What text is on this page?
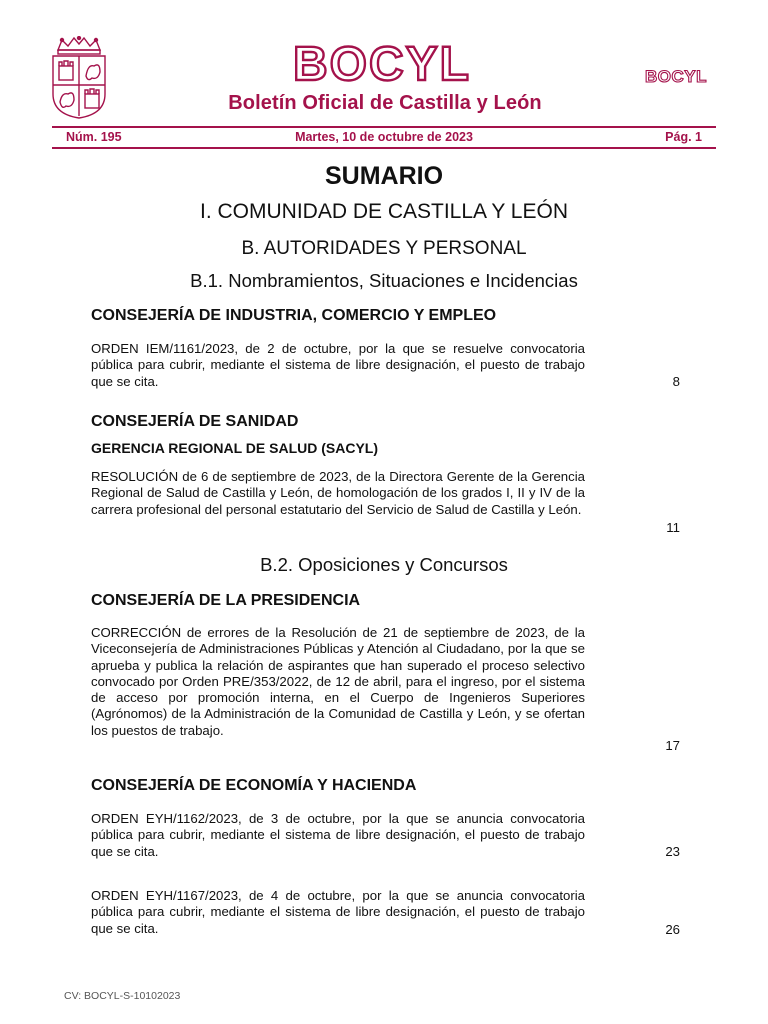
BOCYL	BOCYL
Boletín Oficial de Castilla y León
Núm. 195	Martes, 10 de octubre de 2023	Pág. 1
SUMARIO
I. COMUNIDAD DE CASTILLA Y LEÓN
B. AUTORIDADES Y PERSONAL
B.1. Nombramientos, Situaciones e Incidencias
CONSEJERÍA DE INDUSTRIA, COMERCIO Y EMPLEO
ORDEN IEM/1161/2023, de 2 de octubre, por la que se resuelve convocatoria pública para cubrir, mediante el sistema de libre designación, el puesto de trabajo que se cita.	8
CONSEJERÍA DE SANIDAD
GERENCIA REGIONAL DE SALUD (SACYL)
RESOLUCIÓN de 6 de septiembre de 2023, de la Directora Gerente de la Gerencia Regional de Salud de Castilla y León, de homologación de los grados I, II y IV de la carrera profesional del personal estatutario del Servicio de Salud de Castilla y León.
11
B.2. Oposiciones y Concursos
CONSEJERÍA DE LA PRESIDENCIA
CORRECCIÓN de errores de la Resolución de 21 de septiembre de 2023, de la Viceconsejería de Administraciones Públicas y Atención al Ciudadano, por la que se aprueba y publica la relación de aspirantes que han superado el proceso selectivo convocado por Orden PRE/353/2022, de 12 de abril, para el ingreso, por el sistema de acceso por promoción interna, en el Cuerpo de Ingenieros Superiores (Agrónomos) de la Administración de la Comunidad de Castilla y León, y se ofertan los puestos de trabajo.
17
CONSEJERÍA DE ECONOMÍA Y HACIENDA
ORDEN EYH/1162/2023, de 3 de octubre, por la que se anuncia convocatoria pública para cubrir, mediante el sistema de libre designación, el puesto de trabajo que se cita.	23
ORDEN EYH/1167/2023, de 4 de octubre, por la que se anuncia convocatoria pública para cubrir, mediante el sistema de libre designación, el puesto de trabajo que se cita.	26
CV: BOCYL-S-10102023
